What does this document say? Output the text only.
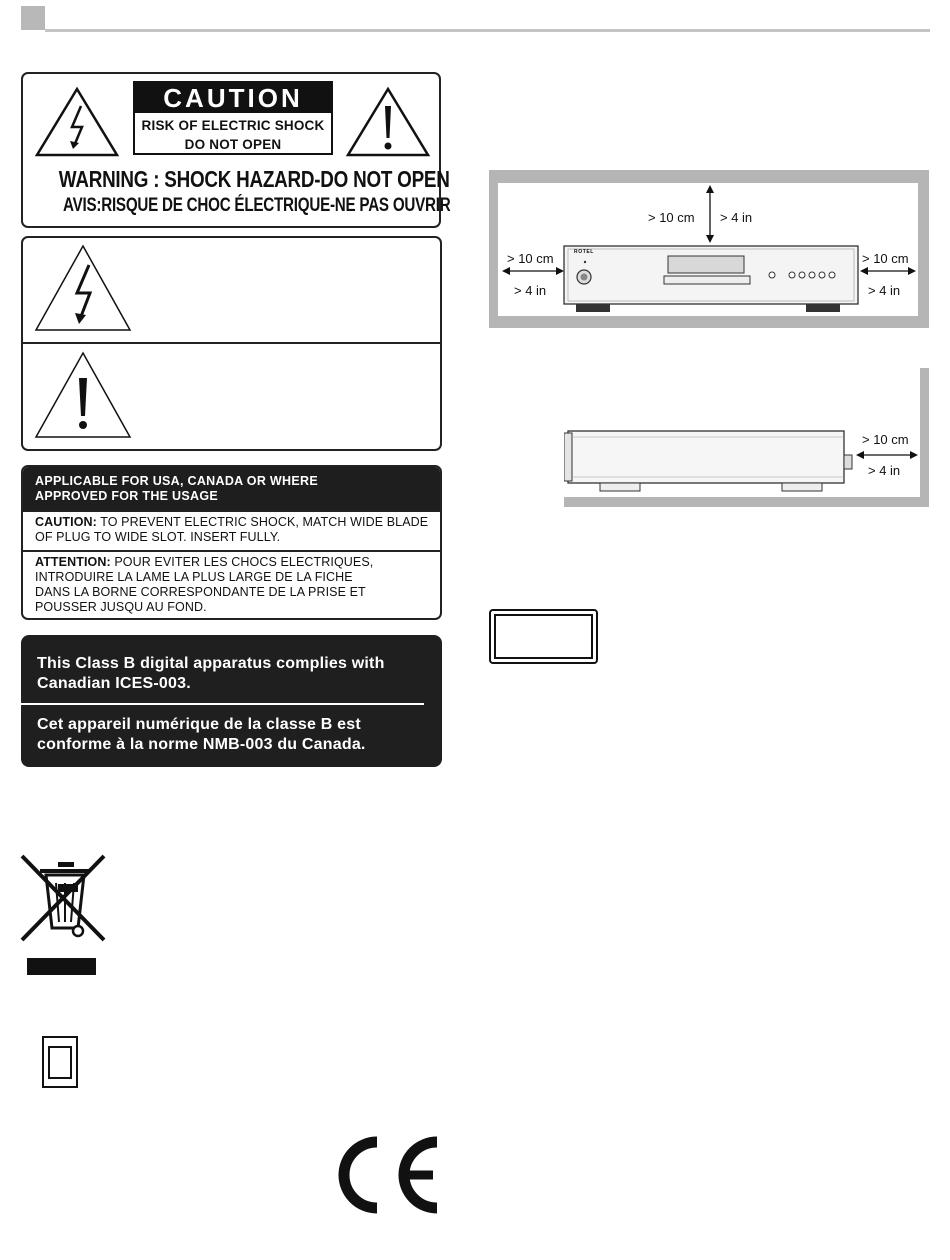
CAUTION
RISK OF ELECTRIC SHOCK
DO NOT OPEN
WARNING : SHOCK HAZARD-DO NOT OPEN
AVIS:RISQUE DE CHOC ÉLECTRIQUE-NE PAS OUVRIR
APPLICABLE FOR USA, CANADA OR WHERE
APPROVED FOR THE USAGE
CAUTION: TO PREVENT ELECTRIC SHOCK, MATCH WIDE BLADE
OF PLUG TO WIDE SLOT. INSERT FULLY.
ATTENTION: POUR EVITER LES CHOCS ELECTRIQUES,
INTRODUIRE LA LAME LA PLUS LARGE DE LA FICHE
DANS LA BORNE CORRESPONDANTE DE LA PRISE ET
POUSSER JUSQU AU FOND.
This Class B digital apparatus complies with
Canadian ICES-003.
Cet appareil numérique de la classe B est
conforme à la norme NMB-003 du Canada.
> 10 cm > 4 in
> 10 cm
> 4 in
> 10 cm
> 4 in
ROTEL
> 10 cm
> 4 in
